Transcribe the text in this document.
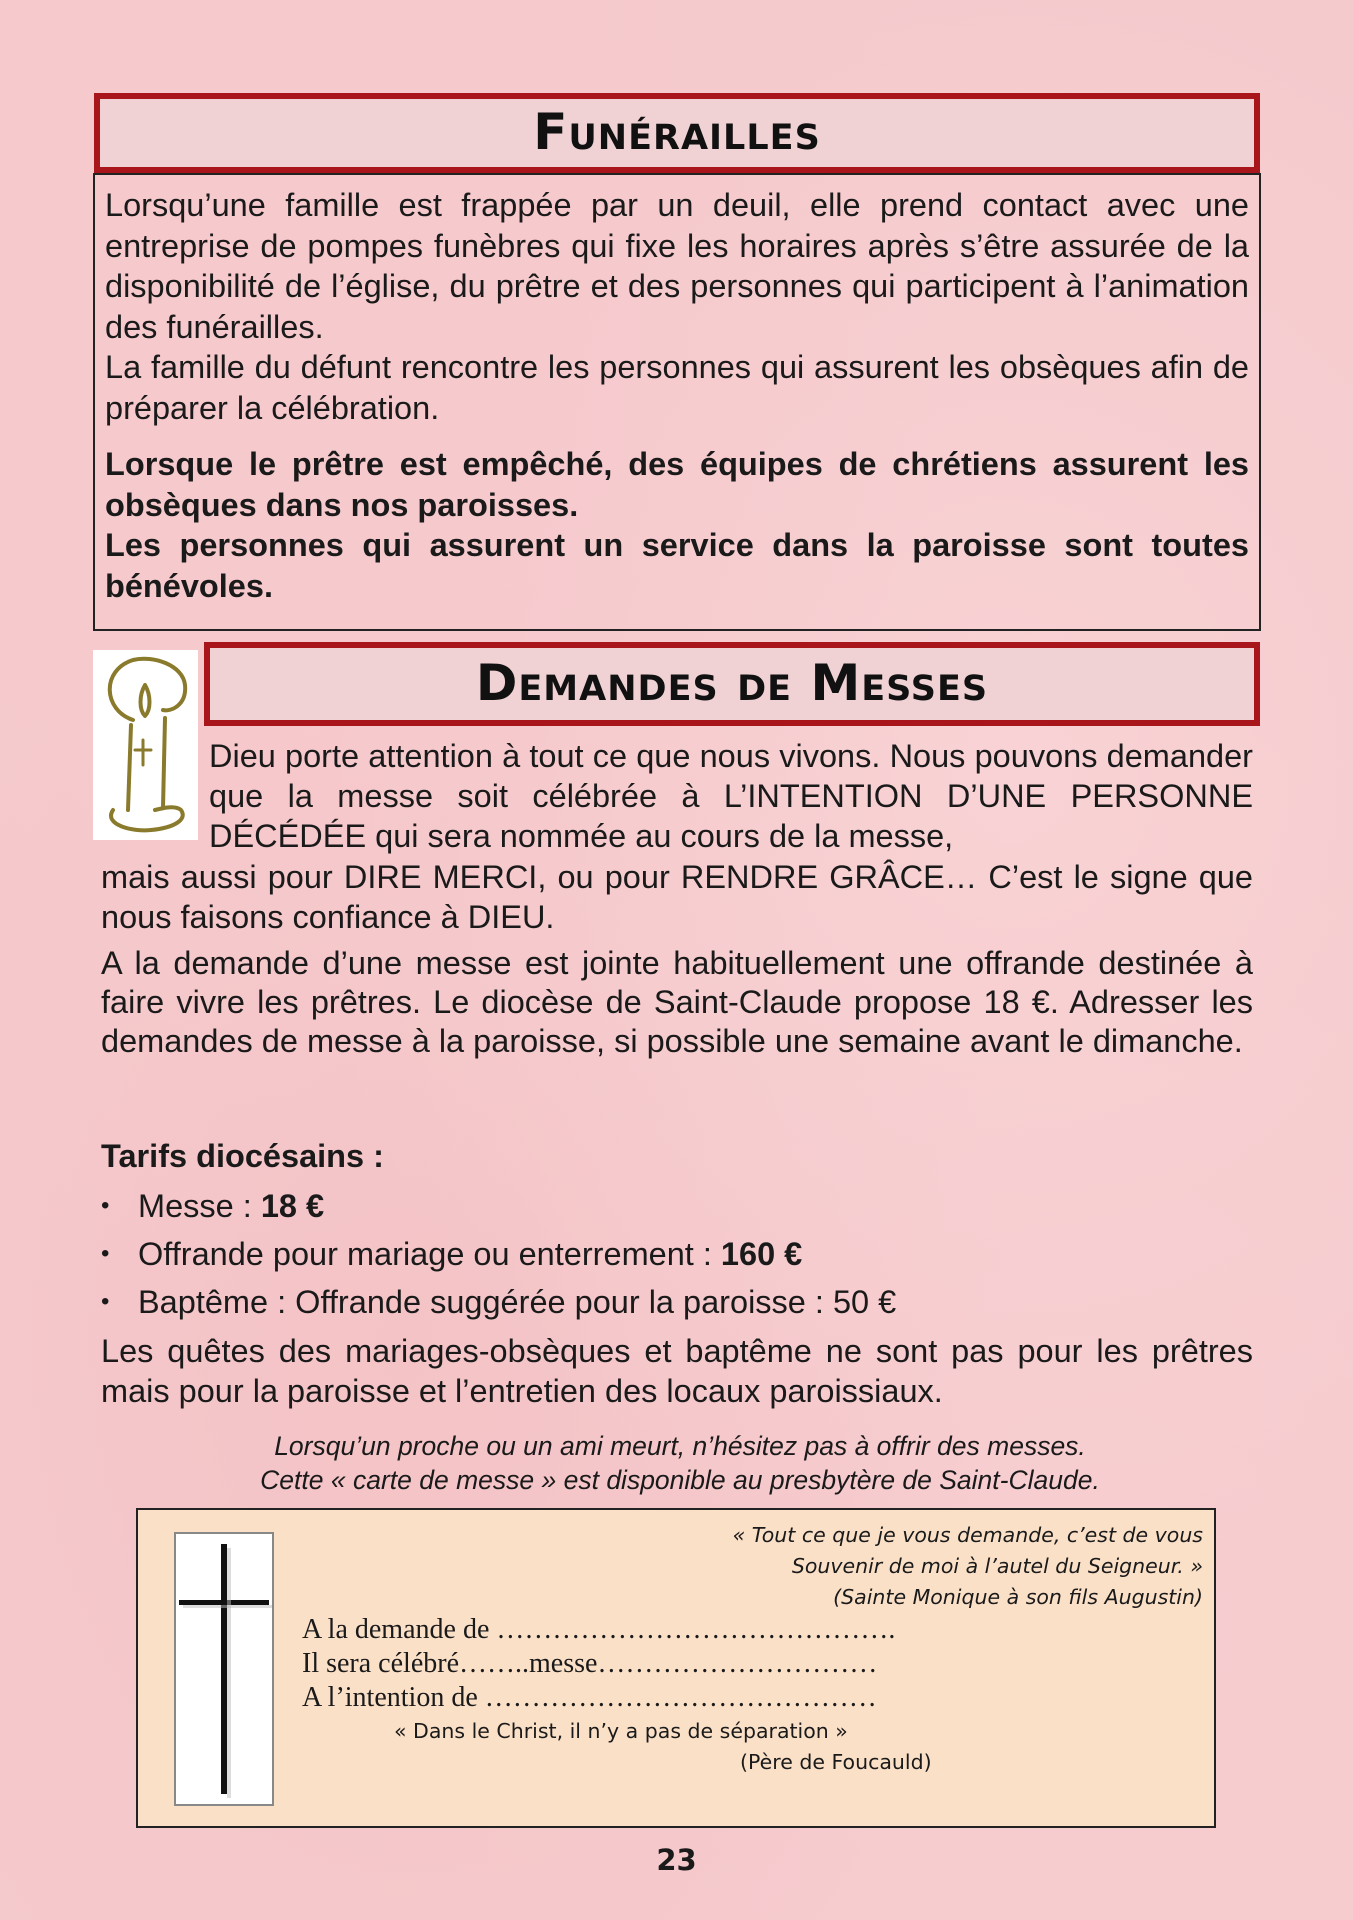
Funérailles

Lorsqu’une famille est frappée par un deuil, elle prend contact avec une entreprise de pompes funèbres qui fixe les horaires après s’être assurée de la disponibilité de l’église, du prêtre et des personnes qui participent à l’animation des funérailles.

La famille du défunt rencontre les personnes qui assurent les obsèques afin de préparer la célébration.

Lorsque le prêtre est empêché, des équipes de chrétiens assurent les obsèques dans nos paroisses.

Les personnes qui assurent un service dans la paroisse sont toutes bénévoles.

Demandes de Messes

Dieu porte attention à tout ce que nous vivons. Nous pouvons demander que la messe soit célébrée à L’INTENTION D’UNE PERSONNE DÉCÉDÉE qui sera nommée au cours de la messe,

mais aussi pour DIRE MERCI, ou pour RENDRE GRÂCE… C’est le signe que nous faisons confiance à DIEU.

A la demande d’une messe est jointe habituellement une offrande destinée à faire vivre les prêtres. Le diocèse de Saint-Claude propose 18 €. Adresser les demandes de messe à la paroisse, si possible une semaine avant le dimanche.

Tarifs diocésains :
• Messe : 18 €
• Offrande pour mariage ou enterrement : 160 €
• Baptême : Offrande suggérée pour la paroisse : 50 €

Les quêtes des mariages-obsèques et baptême ne sont pas pour les prêtres mais pour la paroisse et l’entretien des locaux paroissiaux.

Lorsqu’un proche ou un ami meurt, n’hésitez pas à offrir des messes.
Cette « carte de messe » est disponible au presbytère de Saint-Claude.
« Tout ce que je vous demande, c’est de vous
Souvenir de moi à l’autel du Seigneur. »
(Sainte Monique à son fils Augustin)
A la demande de …………………………………….
Il sera célébré……..messe…………………………
A l’intention de ……………………………………
« Dans le Christ, il n’y a pas de séparation »
(Père de Foucauld)
23
